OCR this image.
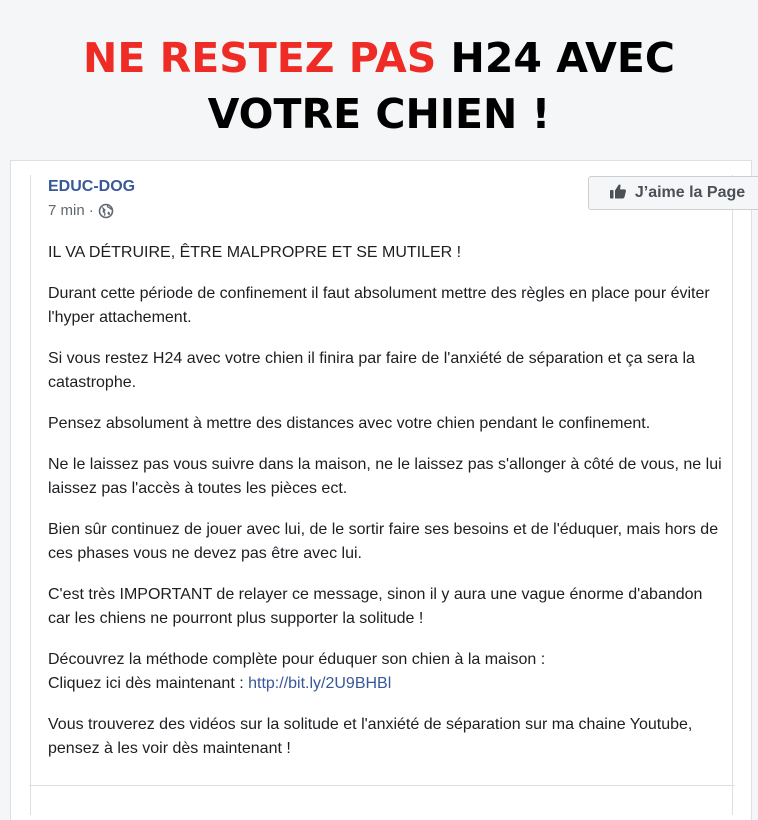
NE RESTEZ PAS H24 AVEC
VOTRE CHIEN !
EDUC-DOG
7 min ·
J’aime la Page

IL VA DÉTRUIRE, ÊTRE MALPROPRE ET SE MUTILER !

Durant cette période de confinement il faut absolument mettre des règles en place pour éviter l'hyper attachement.

Si vous restez H24 avec votre chien il finira par faire de l'anxiété de séparation et ça sera la catastrophe.

Pensez absolument à mettre des distances avec votre chien pendant le confinement.

Ne le laissez pas vous suivre dans la maison, ne le laissez pas s'allonger à côté de vous, ne lui laissez pas l'accès à toutes les pièces ect.

Bien sûr continuez de jouer avec lui, de le sortir faire ses besoins et de l'éduquer, mais hors de ces phases vous ne devez pas être avec lui.

C'est très IMPORTANT de relayer ce message, sinon il y aura une vague énorme d'abandon car les chiens ne pourront plus supporter la solitude !

Découvrez la méthode complète pour éduquer son chien à la maison :
Cliquez ici dès maintenant : http://bit.ly/2U9BHBl

Vous trouverez des vidéos sur la solitude et l'anxiété de séparation sur ma chaine Youtube, pensez à les voir dès maintenant !
